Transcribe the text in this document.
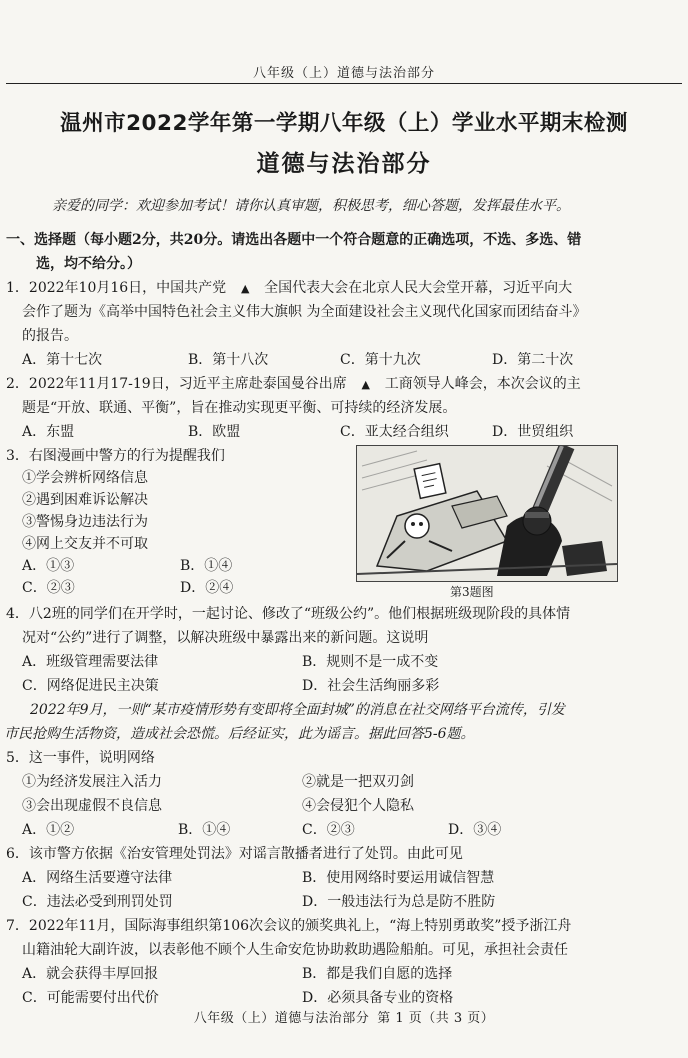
八年级（上）道德与法治部分
温州市2022学年第一学期八年级（上）学业水平期末检测
道德与法治部分
亲爱的同学：欢迎参加考试！请你认真审题，积极思考，细心答题，发挥最佳水平。
一、选择题（每小题2分，共20分。请选出各题中一个符合题意的正确选项，不选、多选、错
选，均不给分。）
1．2022年10月16日，中国共产党 ▲ 全国代表大会在北京人民大会堂开幕，习近平向大
会作了题为《高举中国特色社会主义伟大旗帜 为全面建设社会主义现代化国家而团结奋斗》
的报告。
A．第十七次	B．第十八次	C．第十九次	D．第二十次
2．2022年11月17-19日，习近平主席赴泰国曼谷出席 ▲ 工商领导人峰会，本次会议的主
题是“开放、联通、平衡”，旨在推动实现更平衡、可持续的经济发展。
A．东盟	B．欧盟	C．亚太经合组织	D．世贸组织
3．右图漫画中警方的行为提醒我们
①学会辨析网络信息
②遇到困难诉讼解决
③警惕身边违法行为
④网上交友并不可取
A．①③	B．①④
C．②③	D．②④	第3题图
4．八2班的同学们在开学时，一起讨论、修改了“班级公约”。他们根据班级现阶段的具体情
况对“公约”进行了调整，以解决班级中暴露出来的新问题。这说明
A．班级管理需要法律	B．规则不是一成不变
C．网络促进民主决策	D．社会生活绚丽多彩
2022年9月，一则“某市疫情形势有变即将全面封城”的消息在社交网络平台流传，引发
市民抢购生活物资，造成社会恐慌。后经证实，此为谣言。据此回答5-6题。
5．这一事件，说明网络
①为经济发展注入活力	②就是一把双刃剑
③会出现虚假不良信息	④会侵犯个人隐私
A．①②	B．①④	C．②③	D．③④
6．该市警方依据《治安管理处罚法》对谣言散播者进行了处罚。由此可见
A．网络生活要遵守法律	B．使用网络时要运用诚信智慧
C．违法必受到刑罚处罚	D．一般违法行为总是防不胜防
7．2022年11月，国际海事组织第106次会议的颁奖典礼上，“海上特别勇敢奖”授予浙江舟
山籍油轮大副许波，以表彰他不顾个人生命安危协助救助遇险船舶。可见，承担社会责任
A．就会获得丰厚回报	B．都是我们自愿的选择
C．可能需要付出代价	D．必须具备专业的资格
八年级（上）道德与法治部分 第 1 页（共 3 页）
